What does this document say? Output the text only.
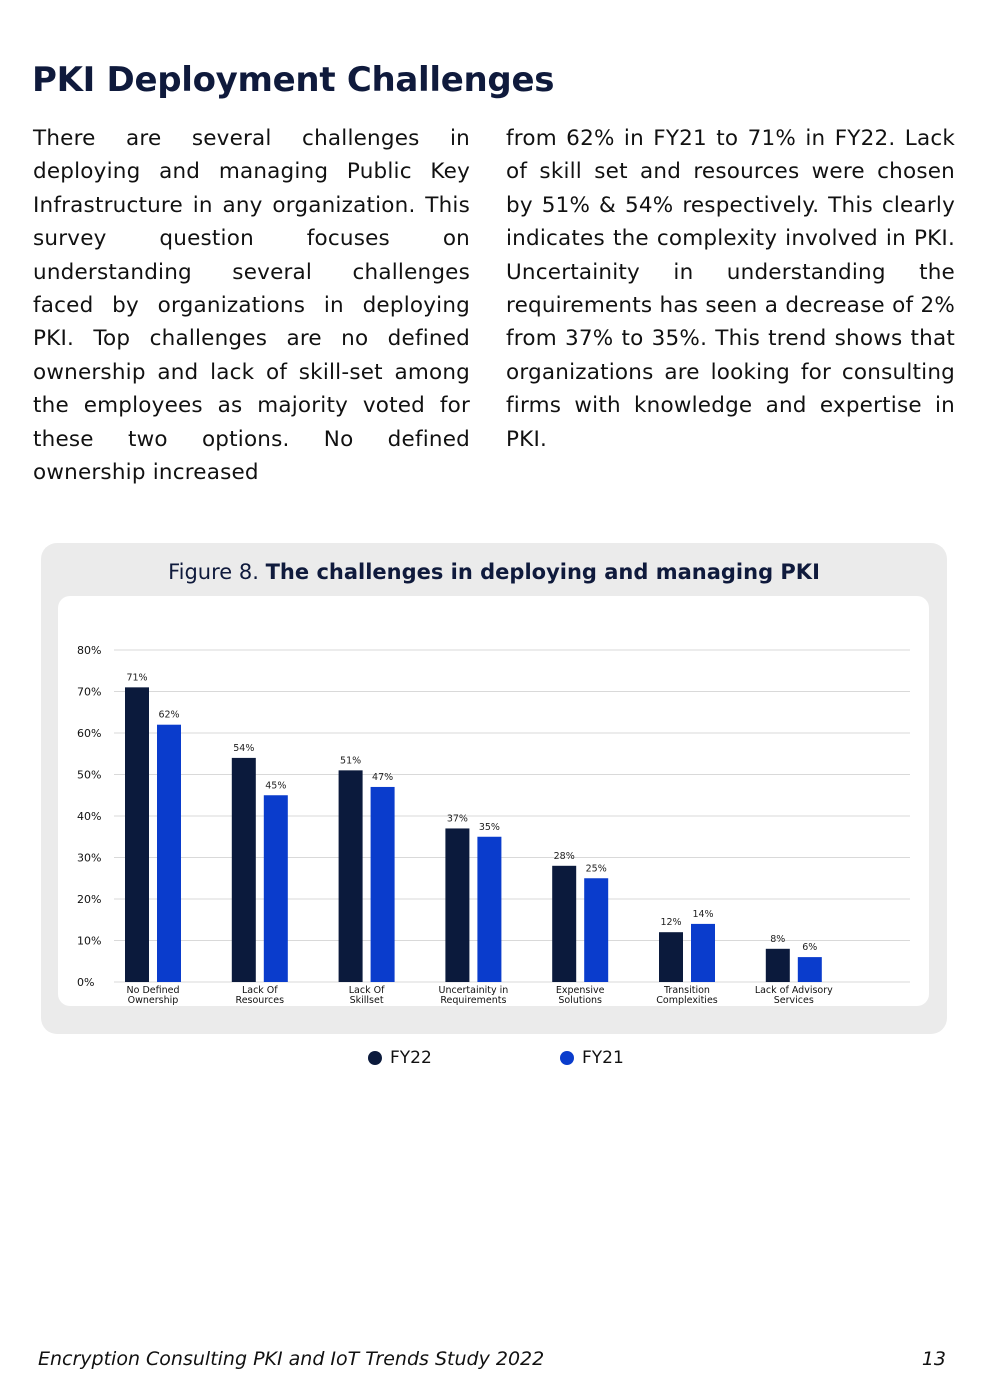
PKI Deployment Challenges

There are several challenges in deploying and managing Public Key Infrastructure in any organization. This survey question focuses on understanding several challenges faced by organizations in deploying PKI. Top challenges are no defined ownership and lack of skill-set among the employees as majority voted for these two options. No defined ownership increased

from 62% in FY21 to 71% in FY22. Lack of skill set and resources were chosen by 51% & 54% respectively. This clearly indicates the complexity involved in PKI. Uncertainity in understanding the requirements has seen a decrease of 2% from 37% to 35%. This trend shows that organizations are looking for consulting firms with knowledge and expertise in PKI.

Figure 8. The challenges in deploying and managing PKI

0%
10%
20%
30%
40%
50%
60%
70%
80%
71%
62%
No Defined
Ownership
54%
45%
Lack Of
Resources
51%
47%
Lack Of
Skillset
37%
35%
Uncertainity in
Requirements
28%
25%
Expensive
Solutions
12%
14%
Transition
Complexities
8%
6%
Lack of Advisory
Services
FY22	FY21
Encryption Consulting PKI and IoT Trends Study 2022	13
